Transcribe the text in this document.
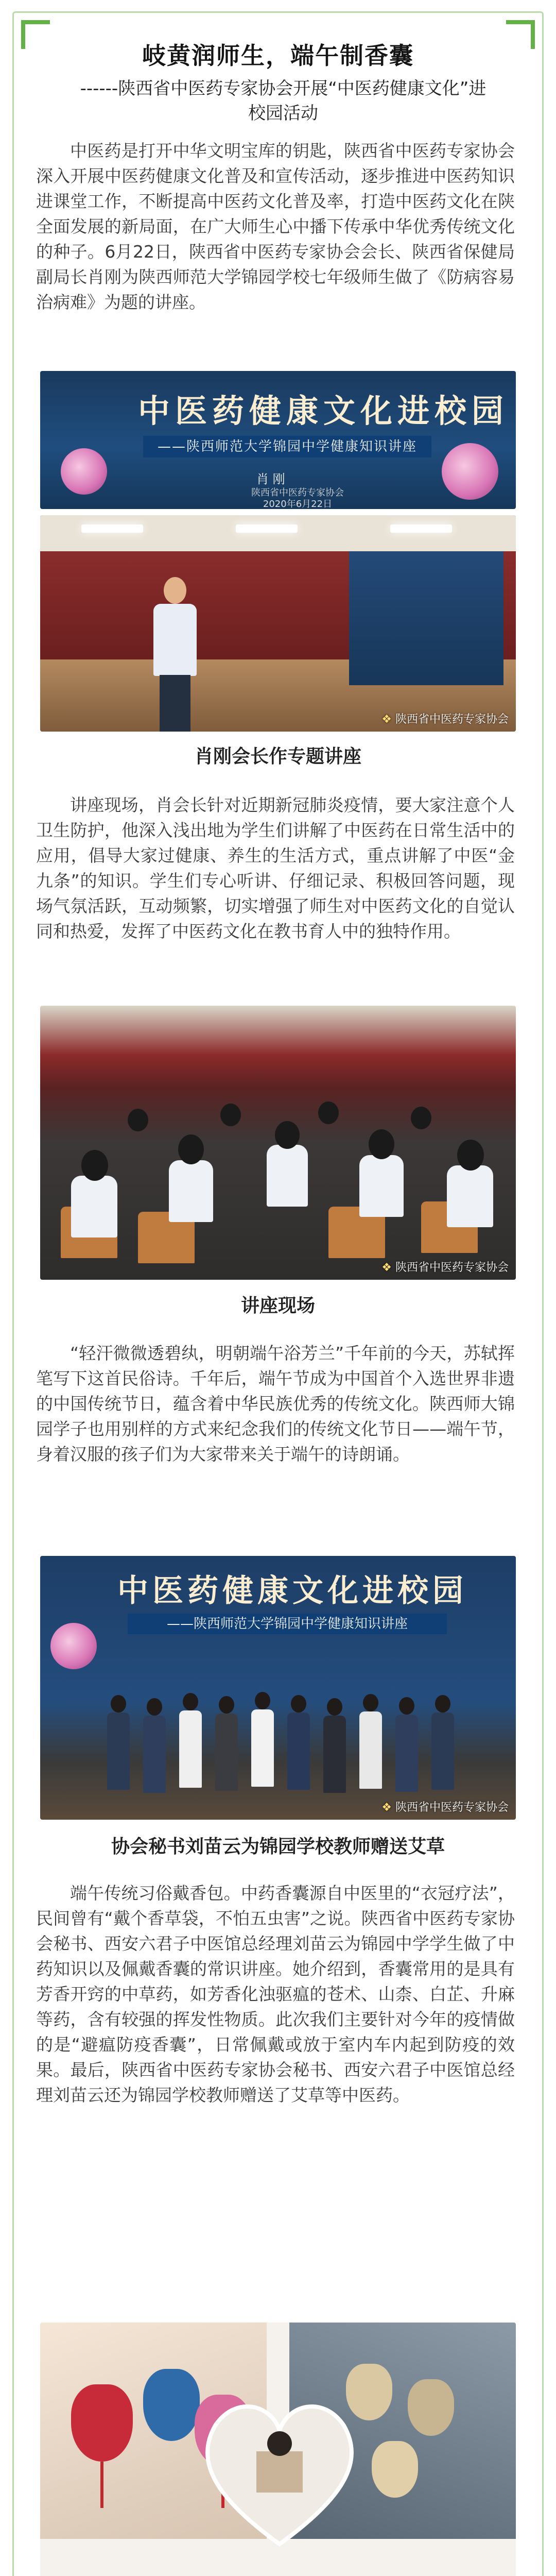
岐黄润师生，端午制香囊
------陕西省中医药专家协会开展“中医药健康文化”进校园活动

中医药是打开中华文明宝库的钥匙，陕西省中医药专家协会深入开展中医药健康文化普及和宣传活动，逐步推进中医药知识进课堂工作，不断提高中医药文化普及率，打造中医药文化在陕全面发展的新局面，在广大师生心中播下传承中华优秀传统文化的种子。6月22日，陕西省中医药专家协会会长、陕西省保健局副局长肖刚为陕西师范大学锦园学校七年级师生做了《防病容易治病难》为题的讲座。

中医药健康文化进校园
——陕西师范大学锦园中学健康知识讲座
肖 刚
陕西省中医药专家协会
2020年6月22日
❖ 陕西省中医药专家协会
肖刚会长作专题讲座

讲座现场，肖会长针对近期新冠肺炎疫情，要大家注意个人卫生防护，他深入浅出地为学生们讲解了中医药在日常生活中的应用，倡导大家过健康、养生的生活方式，重点讲解了中医“金九条”的知识。学生们专心听讲、仔细记录、积极回答问题，现场气氛活跃，互动频繁，切实增强了师生对中医药文化的自觉认同和热爱，发挥了中医药文化在教书育人中的独特作用。

❖ 陕西省中医药专家协会
讲座现场

“轻汗微微透碧纨，明朝端午浴芳兰”千年前的今天，苏轼挥笔写下这首民俗诗。千年后，端午节成为中国首个入选世界非遗的中国传统节日，蕴含着中华民族优秀的传统文化。陕西师大锦园学子也用别样的方式来纪念我们的传统文化节日——端午节，身着汉服的孩子们为大家带来关于端午的诗朗诵。

中医药健康文化进校园
——陕西师范大学锦园中学健康知识讲座
❖ 陕西省中医药专家协会
协会秘书刘苗云为锦园学校教师赠送艾草

端午传统习俗戴香包。中药香囊源自中医里的“衣冠疗法”，民间曾有“戴个香草袋，不怕五虫害”之说。陕西省中医药专家协会秘书、西安六君子中医馆总经理刘苗云为锦园中学学生做了中药知识以及佩戴香囊的常识讲座。她介绍到，香囊常用的是具有芳香开窍的中草药，如芳香化浊驱瘟的苍术、山柰、白芷、升麻等药，含有较强的挥发性物质。此次我们主要针对今年的疫情做的是“避瘟防疫香囊”，日常佩戴或放于室内车内起到防疫的效果。最后，陕西省中医药专家协会秘书、西安六君子中医馆总经理刘苗云还为锦园学校教师赠送了艾草等中医药。
